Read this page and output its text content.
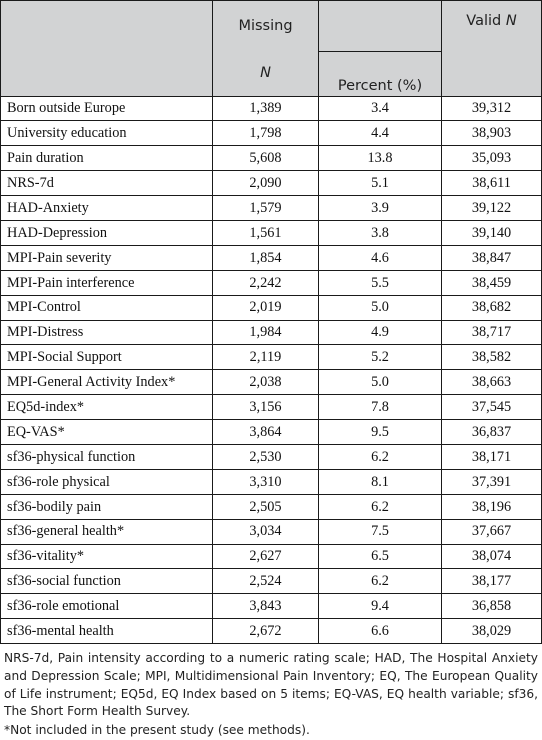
	Missing		Valid N
	N	Percent (%)	
Born outside Europe	1,389	3.4	39,312
University education	1,798	4.4	38,903
Pain duration	5,608	13.8	35,093
NRS-7d	2,090	5.1	38,611
HAD-Anxiety	1,579	3.9	39,122
HAD-Depression	1,561	3.8	39,140
MPI-Pain severity	1,854	4.6	38,847
MPI-Pain interference	2,242	5.5	38,459
MPI-Control	2,019	5.0	38,682
MPI-Distress	1,984	4.9	38,717
MPI-Social Support	2,119	5.2	38,582
MPI-General Activity Index*	2,038	5.0	38,663
EQ5d-index*	3,156	7.8	37,545
EQ-VAS*	3,864	9.5	36,837
sf36-physical function	2,530	6.2	38,171
sf36-role physical	3,310	8.1	37,391
sf36-bodily pain	2,505	6.2	38,196
sf36-general health*	3,034	7.5	37,667
sf36-vitality*	2,627	6.5	38,074
sf36-social function	2,524	6.2	38,177
sf36-role emotional	3,843	9.4	36,858
sf36-mental health	2,672	6.6	38,029

NRS-7d, Pain intensity according to a numeric rating scale; HAD, The Hospital Anxiety and Depression Scale; MPI, Multidimensional Pain Inventory; EQ, The European Quality of Life instrument; EQ5d, EQ Index based on 5 items; EQ-VAS, EQ health variable; sf36, The Short Form Health Survey.

*Not included in the present study (see methods).
